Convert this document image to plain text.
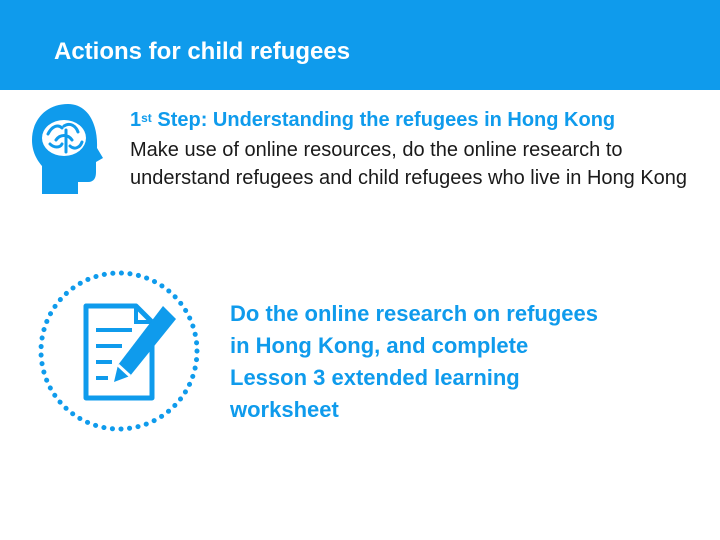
Actions for child refugees
1st Step: Understanding the refugees in Hong Kong
Make use of online resources, do the online research to understand refugees and child refugees who live in Hong Kong
Do the online research on refugees in Hong Kong, and complete Lesson 3 extended learning worksheet
